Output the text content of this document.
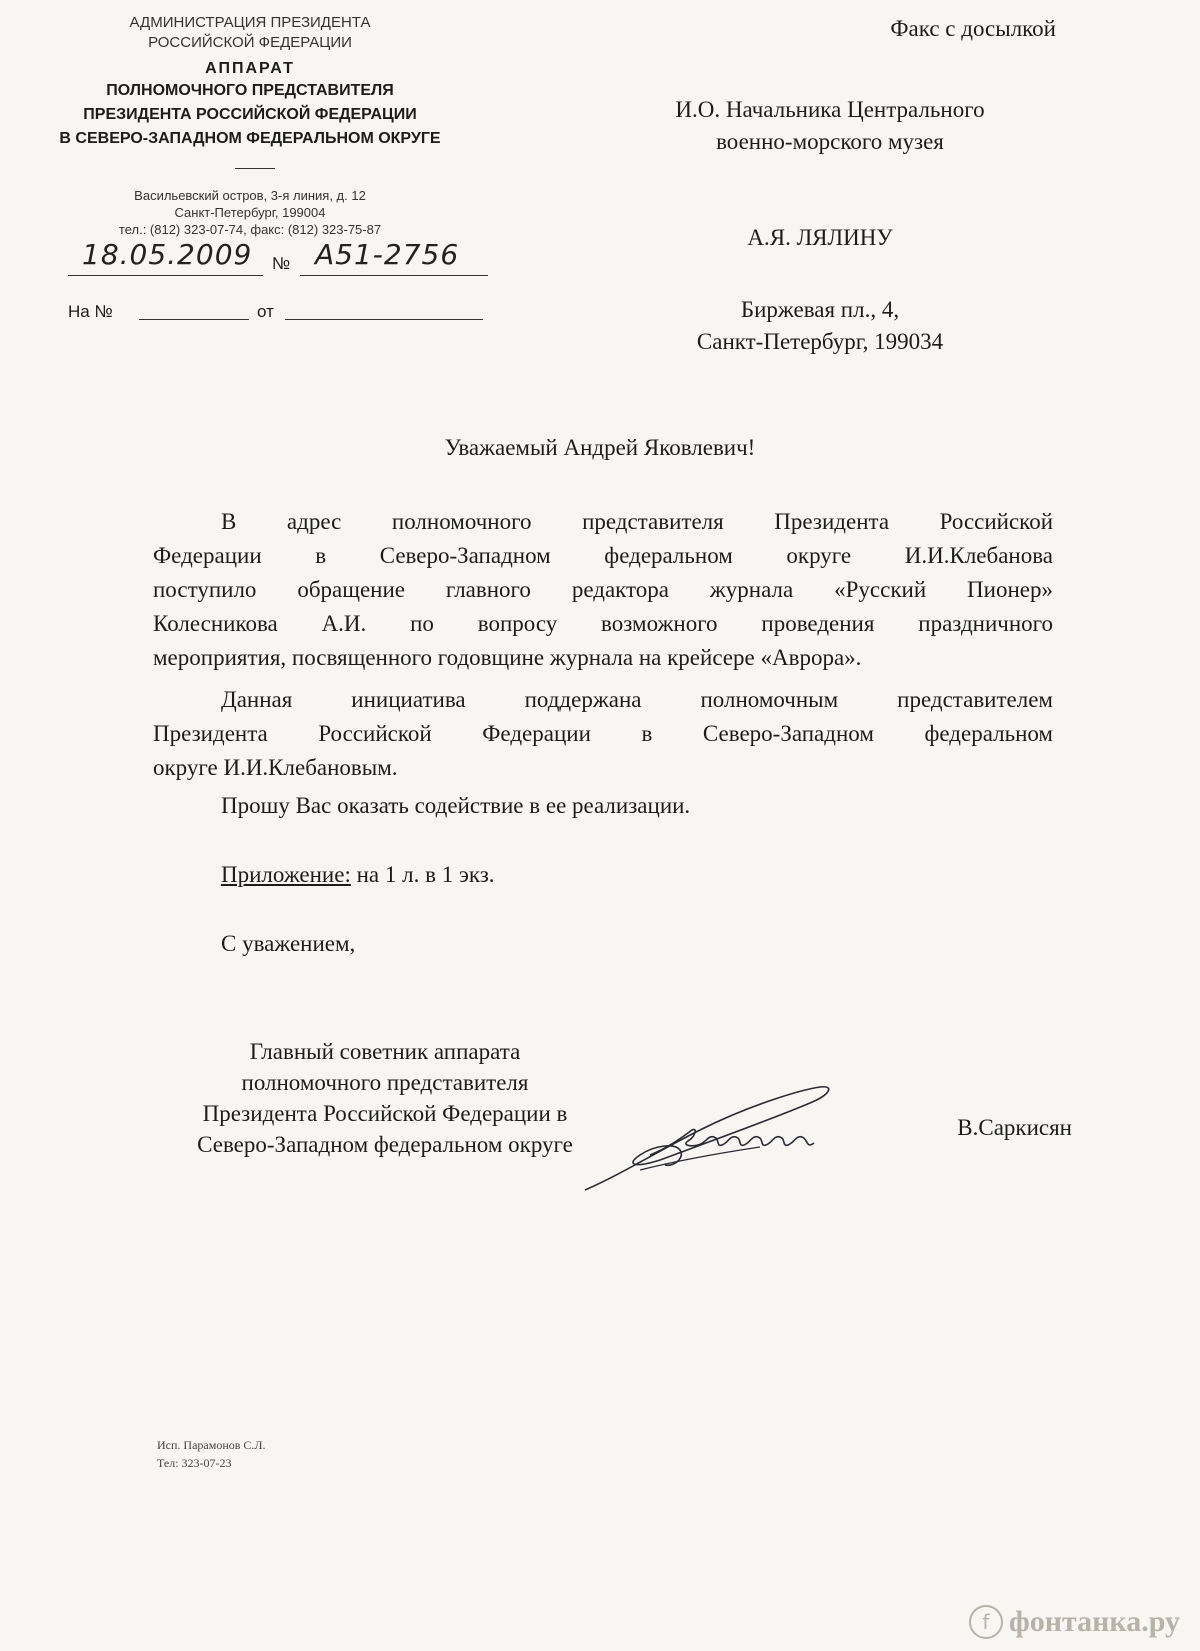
АДМИНИСТРАЦИЯ ПРЕЗИДЕНТА
РОССИЙСКОЙ ФЕДЕРАЦИИ
АППАРАТ
ПОЛНОМОЧНОГО ПРЕДСТАВИТЕЛЯ
ПРЕЗИДЕНТА РОССИЙСКОЙ ФЕДЕРАЦИИ
В СЕВЕРО-ЗАПАДНОМ ФЕДЕРАЛЬНОМ ОКРУГЕ
Васильевский остров, 3-я линия, д. 12
Санкт-Петербург, 199004
тел.: (812) 323-07-74, факс: (812) 323-75-87
18.05.2009 № А51-2756
На №	от
Факс с досылкой
И.О. Начальника Центрального
военно-морского музея
А.Я. ЛЯЛИНУ
Биржевая пл., 4,
Санкт-Петербург, 199034
Уважаемый Андрей Яковлевич!
В адрес полномочного представителя Президента Российской
Федерации в Северо-Западном федеральном округе И.И.Клебанова
поступило обращение главного редактора журнала «Русский Пионер»
Колесникова А.И. по вопросу возможного проведения праздничного
мероприятия, посвященного годовщине журнала на крейсере «Аврора».
Данная инициатива поддержана полномочным представителем
Президента Российской Федерации в Северо-Западном федеральном
округе И.И.Клебановым.
Прошу Вас оказать содействие в ее реализации.
Приложение: на 1 л. в 1 экз.
С уважением,
Главный советник аппарата
полномочного представителя
Президента Российской Федерации в
Северо-Западном федеральном округе
В.Саркисян
Исп. Парамонов С.Л.
Тел: 323-07-23
f фонтанка.ру
